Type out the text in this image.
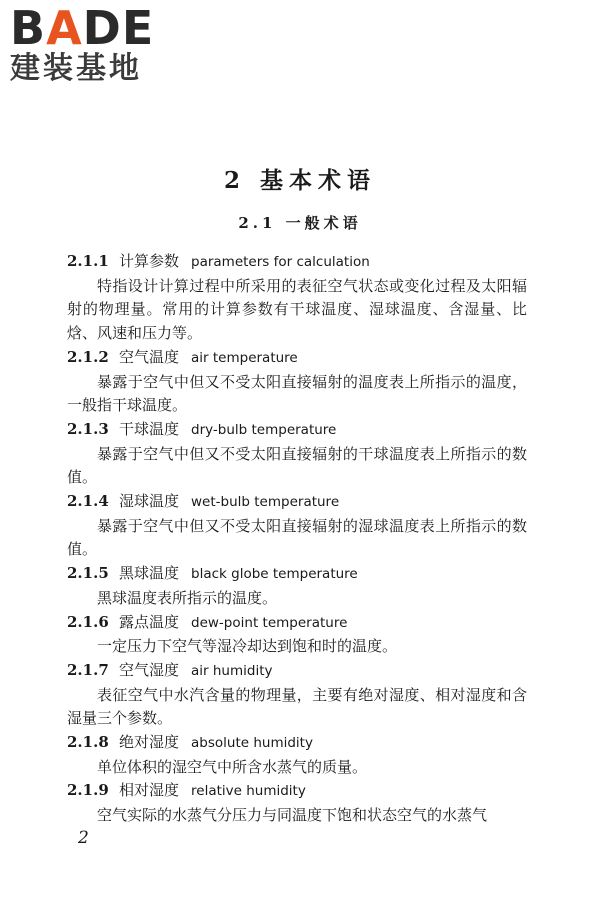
BADE
建装基地
2 基本术语
2.1 一般术语
2.1.1 计算参数 parameters for calculation
特指设计计算过程中所采用的表征空气状态或变化过程及太阳辐射的物理量。常用的计算参数有干球温度、湿球温度、含湿量、比焓、风速和压力等。
2.1.2 空气温度 air temperature
暴露于空气中但又不受太阳直接辐射的温度表上所指示的温度，一般指干球温度。
2.1.3 干球温度 dry-bulb temperature
暴露于空气中但又不受太阳直接辐射的干球温度表上所指示的数值。
2.1.4 湿球温度 wet-bulb temperature
暴露于空气中但又不受太阳直接辐射的湿球温度表上所指示的数值。
2.1.5 黑球温度 black globe temperature
黑球温度表所指示的温度。
2.1.6 露点温度 dew-point temperature
一定压力下空气等湿冷却达到饱和时的温度。
2.1.7 空气湿度 air humidity
表征空气中水汽含量的物理量，主要有绝对湿度、相对湿度和含湿量三个参数。
2.1.8 绝对湿度 absolute humidity
单位体积的湿空气中所含水蒸气的质量。
2.1.9 相对湿度 relative humidity
空气实际的水蒸气分压力与同温度下饱和状态空气的水蒸气
2
